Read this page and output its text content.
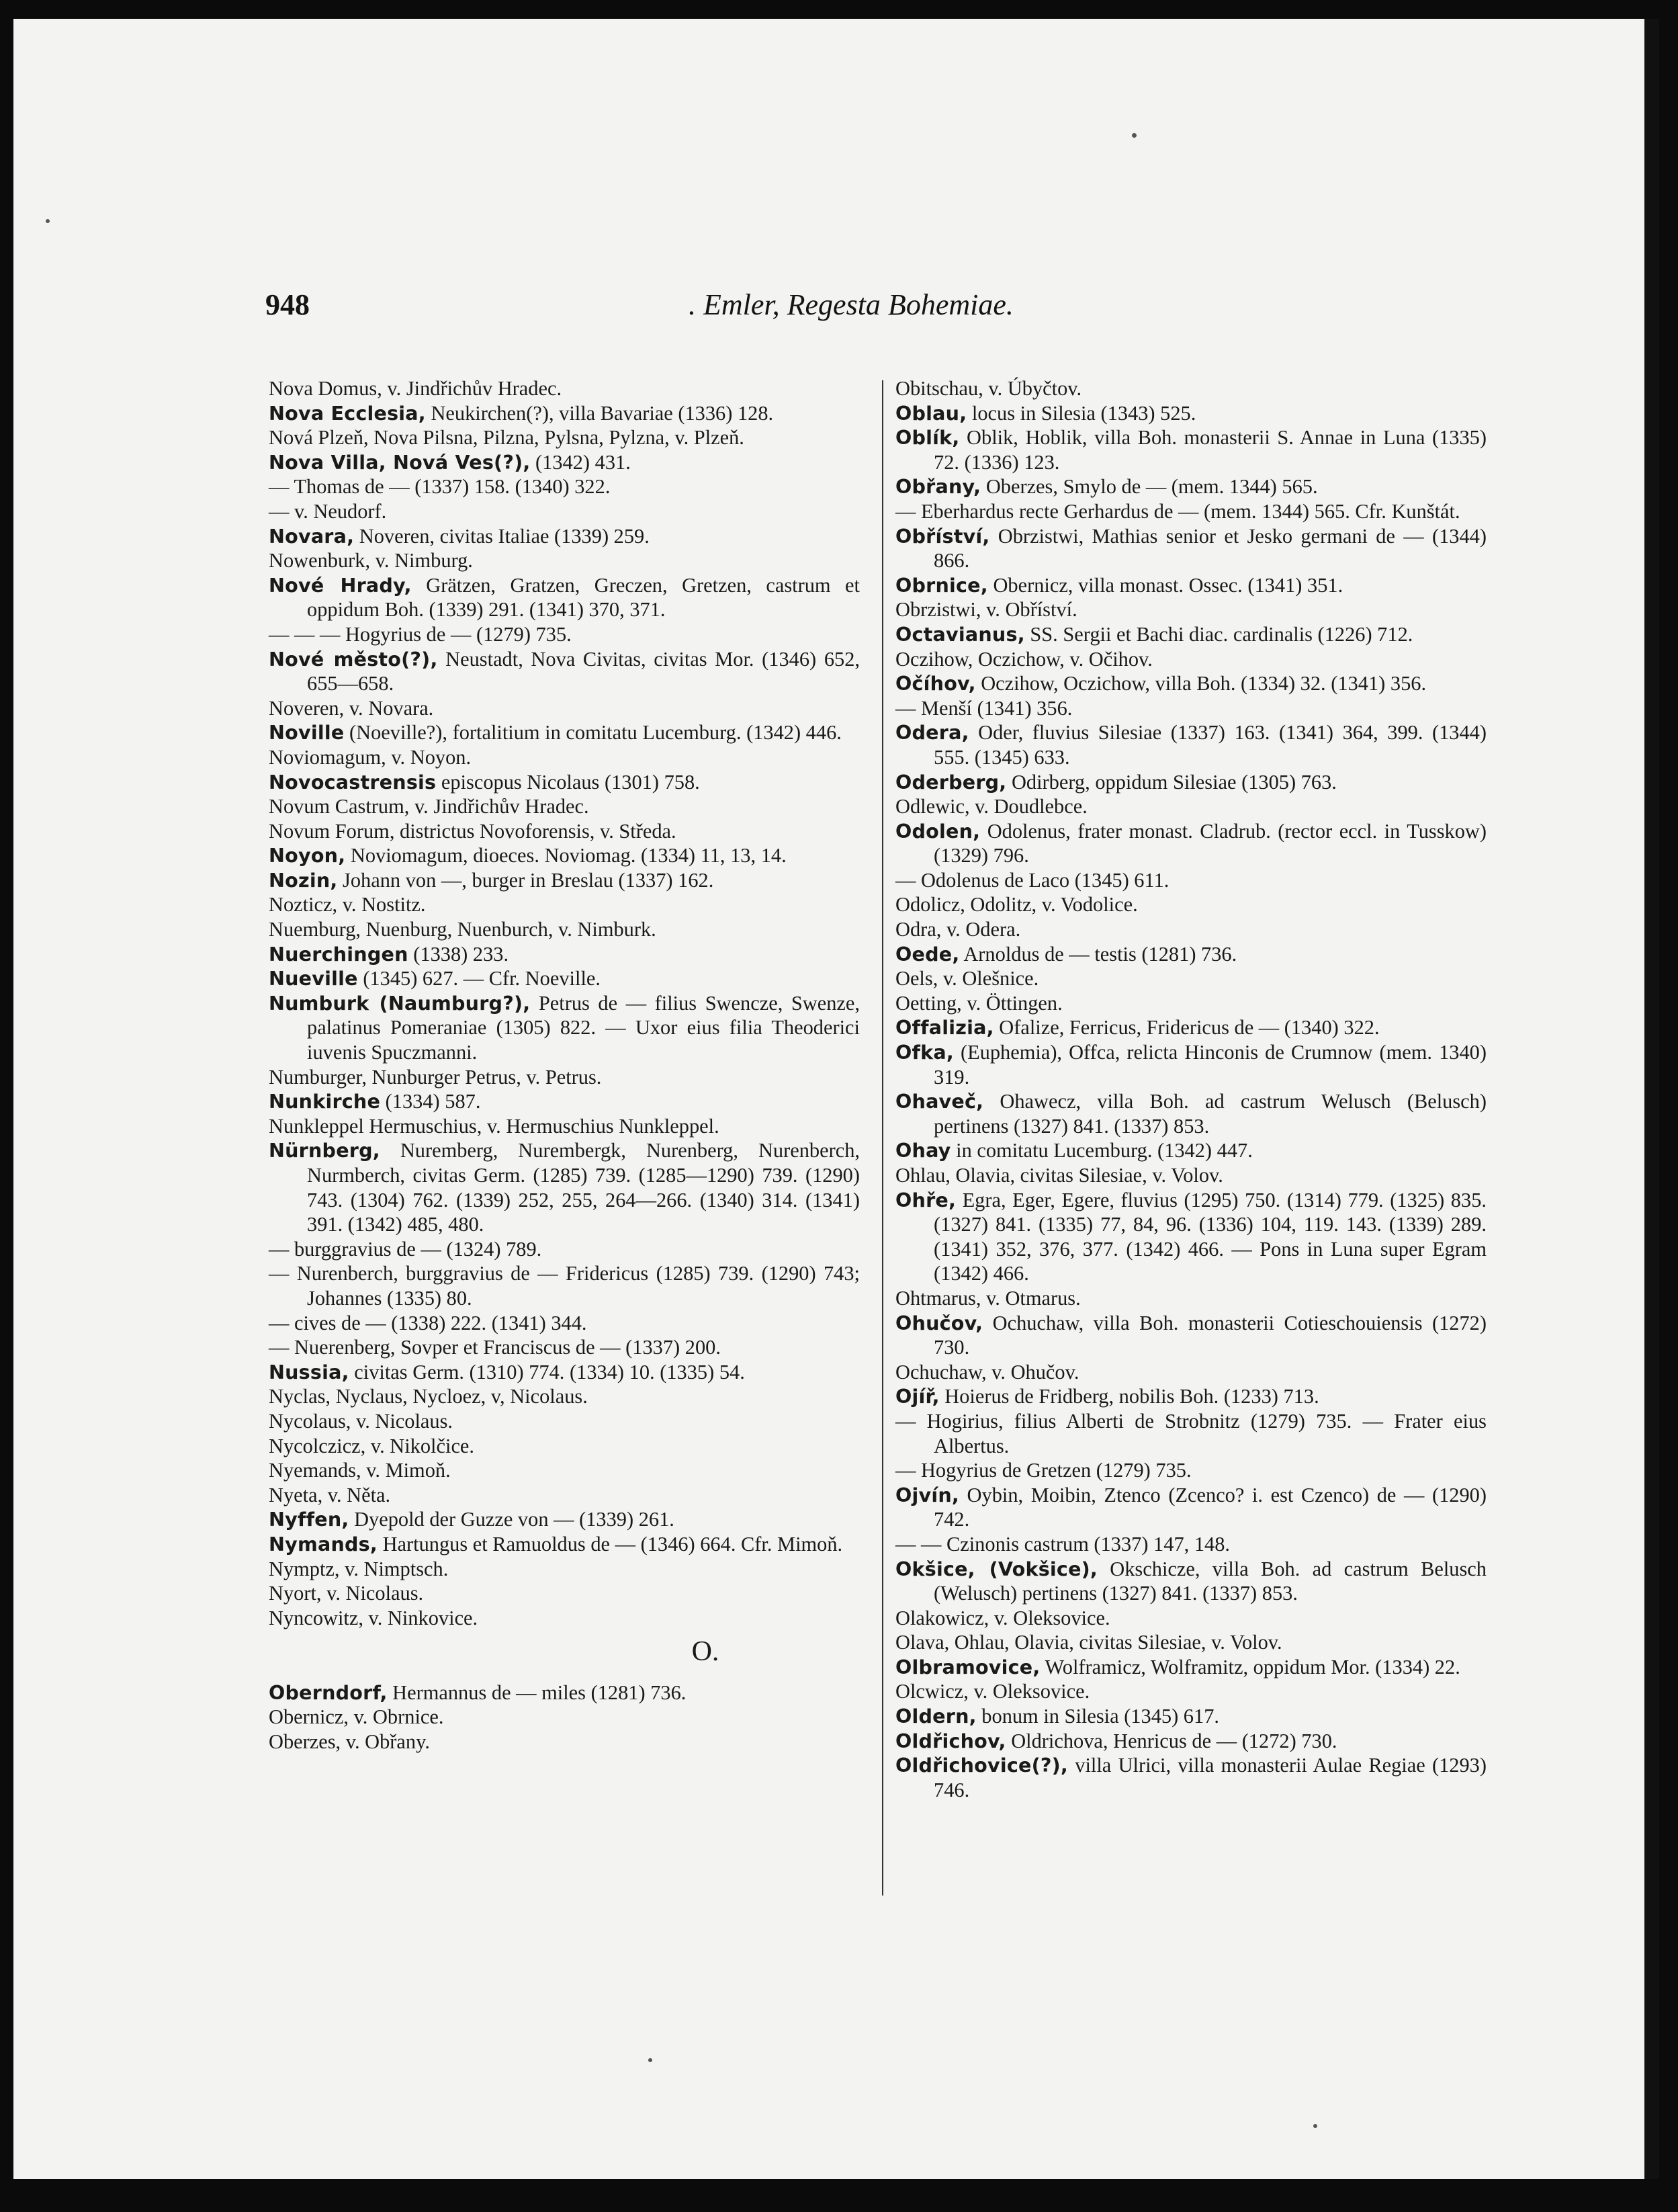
948	. Emler, Regesta Bohemiae.
Nova Domus, v. Jindřichův Hradec.
Nova Ecclesia, Neukirchen(?), villa Bavariae (1336) 128.
Nová Plzeň, Nova Pilsna, Pilzna, Pylsna, Pylzna, v. Plzeň.
Nova Villa, Nová Ves(?), (1342) 431.
— Thomas de — (1337) 158. (1340) 322.
— v. Neudorf.
Novara, Noveren, civitas Italiae (1339) 259.
Nowenburk, v. Nimburg.
Nové Hrady, Grätzen, Gratzen, Greczen, Gretzen, castrum et oppidum Boh. (1339) 291. (1341) 370, 371.
— — — Hogyrius de — (1279) 735.
Nové město(?), Neustadt, Nova Civitas, civitas Mor. (1346) 652, 655—658.
Noveren, v. Novara.
Noville (Noeville?), fortalitium in comitatu Lucemburg. (1342) 446.
Noviomagum, v. Noyon.
Novocastrensis episcopus Nicolaus (1301) 758.
Novum Castrum, v. Jindřichův Hradec.
Novum Forum, districtus Novoforensis, v. Středa.
Noyon, Noviomagum, dioeces. Noviomag. (1334) 11, 13, 14.
Nozin, Johann von —, burger in Breslau (1337) 162.
Nozticz, v. Nostitz.
Nuemburg, Nuenburg, Nuenburch, v. Nimburk.
Nuerchingen (1338) 233.
Nueville (1345) 627. — Cfr. Noeville.
Numburk (Naumburg?), Petrus de — filius Swencze, Swenze, palatinus Pomeraniae (1305) 822. — Uxor eius filia Theoderici iuvenis Spuczmanni.
Numburger, Nunburger Petrus, v. Petrus.
Nunkirche (1334) 587.
Nunkleppel Hermuschius, v. Hermuschius Nunkleppel.
Nürnberg, Nuremberg, Nurembergk, Nurenberg, Nurenberch, Nurmberch, civitas Germ. (1285) 739. (1285—1290) 739. (1290) 743. (1304) 762. (1339) 252, 255, 264—266. (1340) 314. (1341) 391. (1342) 485, 480.
— burggravius de — (1324) 789.
— Nurenberch, burggravius de — Fridericus (1285) 739. (1290) 743; Johannes (1335) 80.
— cives de — (1338) 222. (1341) 344.
— Nuerenberg, Sovper et Franciscus de — (1337) 200.
Nussia, civitas Germ. (1310) 774. (1334) 10. (1335) 54.
Nyclas, Nyclaus, Nycloez, v, Nicolaus.
Nycolaus, v. Nicolaus.
Nycolczicz, v. Nikolčice.
Nyemands, v. Mimoň.
Nyeta, v. Něta.
Nyffen, Dyepold der Guzze von — (1339) 261.
Nymands, Hartungus et Ramuoldus de — (1346) 664. Cfr. Mimoň.
Nymptz, v. Nimptsch.
Nyort, v. Nicolaus.
Nyncowitz, v. Ninkovice.
O.
Oberndorf, Hermannus de — miles (1281) 736.
Obernicz, v. Obrnice.
Oberzes, v. Obřany.
Obitschau, v. Úbyčtov.
Oblau, locus in Silesia (1343) 525.
Oblík, Oblik, Hoblik, villa Boh. monasterii S. Annae in Luna (1335) 72. (1336) 123.
Obřany, Oberzes, Smylo de — (mem. 1344) 565.
— Eberhardus recte Gerhardus de — (mem. 1344) 565. Cfr. Kunštát.
Obříství, Obrzistwi, Mathias senior et Jesko germani de — (1344) 866.
Obrnice, Obernicz, villa monast. Ossec. (1341) 351.
Obrzistwi, v. Obříství.
Octavianus, SS. Sergii et Bachi diac. cardinalis (1226) 712.
Oczihow, Oczichow, v. Očihov.
Očíhov, Oczihow, Oczichow, villa Boh. (1334) 32. (1341) 356.
— Menší (1341) 356.
Odera, Oder, fluvius Silesiae (1337) 163. (1341) 364, 399. (1344) 555. (1345) 633.
Oderberg, Odirberg, oppidum Silesiae (1305) 763.
Odlewic, v. Doudlebce.
Odolen, Odolenus, frater monast. Cladrub. (rector eccl. in Tusskow) (1329) 796.
— Odolenus de Laco (1345) 611.
Odolicz, Odolitz, v. Vodolice.
Odra, v. Odera.
Oede, Arnoldus de — testis (1281) 736.
Oels, v. Olešnice.
Oetting, v. Öttingen.
Offalizia, Ofalize, Ferricus, Fridericus de — (1340) 322.
Ofka, (Euphemia), Offca, relicta Hinconis de Crumnow (mem. 1340) 319.
Ohaveč, Ohawecz, villa Boh. ad castrum Welusch (Belusch) pertinens (1327) 841. (1337) 853.
Ohay in comitatu Lucemburg. (1342) 447.
Ohlau, Olavia, civitas Silesiae, v. Volov.
Ohře, Egra, Eger, Egere, fluvius (1295) 750. (1314) 779. (1325) 835. (1327) 841. (1335) 77, 84, 96. (1336) 104, 119. 143. (1339) 289. (1341) 352, 376, 377. (1342) 466. — Pons in Luna super Egram (1342) 466.
Ohtmarus, v. Otmarus.
Ohučov, Ochuchaw, villa Boh. monasterii Cotieschouiensis (1272) 730.
Ochuchaw, v. Ohučov.
Ojíř, Hoierus de Fridberg, nobilis Boh. (1233) 713.
— Hogirius, filius Alberti de Strobnitz (1279) 735. — Frater eius Albertus.
— Hogyrius de Gretzen (1279) 735.
Ojvín, Oybin, Moibin, Ztenco (Zcenco? i. est Czenco) de — (1290) 742.
— — Czinonis castrum (1337) 147, 148.
Okšice, (Vokšice), Okschicze, villa Boh. ad castrum Belusch (Welusch) pertinens (1327) 841. (1337) 853.
Olakowicz, v. Oleksovice.
Olava, Ohlau, Olavia, civitas Silesiae, v. Volov.
Olbramovice, Wolframicz, Wolframitz, oppidum Mor. (1334) 22.
Olcwicz, v. Oleksovice.
Oldern, bonum in Silesia (1345) 617.
Oldřichov, Oldrichova, Henricus de — (1272) 730.
Oldřichovice(?), villa Ulrici, villa monasterii Aulae Regiae (1293) 746.
